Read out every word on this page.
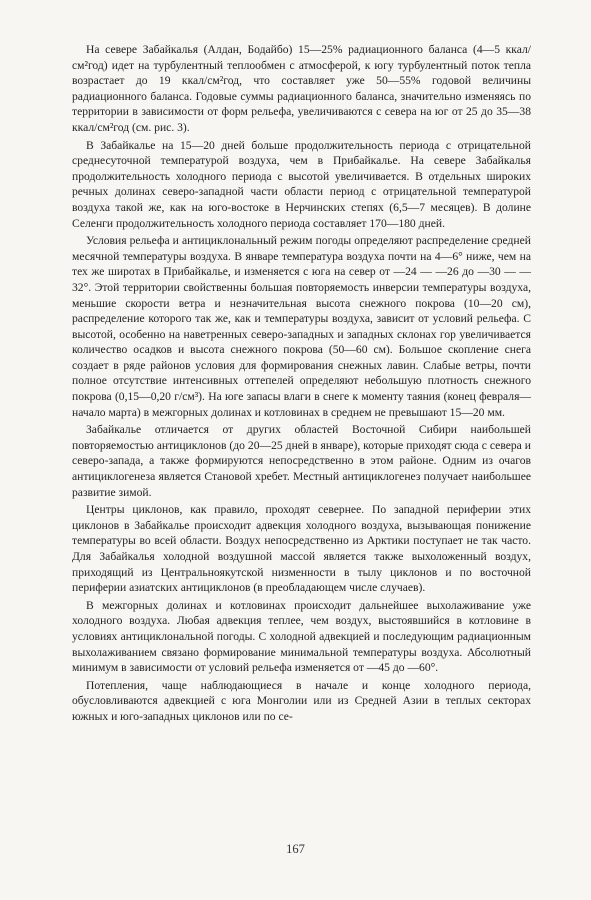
На севере Забайкалья (Алдан, Бодайбо) 15—25% радиационного баланса (4—5 ккал/см²год) идет на турбулентный теплообмен с атмосферой, к югу турбулентный поток тепла возрастает до 19 ккал/см²год, что составляет уже 50—55% годовой величины радиационного баланса. Годовые суммы радиационного баланса, значительно изменяясь по территории в зависимости от форм рельефа, увеличиваются с севера на юг от 25 до 35—38 ккал/см²год (см. рис. 3).

В Забайкалье на 15—20 дней больше продолжительность периода с отрицательной среднесуточной температурой воздуха, чем в Прибайкалье. На севере Забайкалья продолжительность холодного периода с высотой увеличивается. В отдельных широких речных долинах северо-западной части области период с отрицательной температурой воздуха такой же, как на юго-востоке в Нерчинских степях (6,5—7 месяцев). В долине Селенги продолжительность холодного периода составляет 170—180 дней.

Условия рельефа и антициклональный режим погоды определяют распределение средней месячной температуры воздуха. В январе температура воздуха почти на 4—6° ниже, чем на тех же широтах в Прибайкалье, и изменяется с юга на север от —24 — —26 до —30 — —32°. Этой территории свойственны большая повторяемость инверсии температуры воздуха, меньшие скорости ветра и незначительная высота снежного покрова (10—20 см), распределение которого так же, как и температуры воздуха, зависит от условий рельефа. С высотой, особенно на наветренных северо-западных и западных склонах гор увеличивается количество осадков и высота снежного покрова (50—60 см). Большое скопление снега создает в ряде районов условия для формирования снежных лавин. Слабые ветры, почти полное отсутствие интенсивных оттепелей определяют небольшую плотность снежного покрова (0,15—0,20 г/см³). На юге запасы влаги в снеге к моменту таяния (конец февраля—начало марта) в межгорных долинах и котловинах в среднем не превышают 15—20 мм.

Забайкалье отличается от других областей Восточной Сибири наибольшей повторяемостью антициклонов (до 20—25 дней в январе), которые приходят сюда с севера и северо-запада, а также формируются непосредственно в этом районе. Одним из очагов антициклогенеза является Становой хребет. Местный антициклогенез получает наибольшее развитие зимой.

Центры циклонов, как правило, проходят севернее. По западной периферии этих циклонов в Забайкалье происходит адвекция холодного воздуха, вызывающая понижение температуры во всей области. Воздух непосредственно из Арктики поступает не так часто. Для Забайкалья холодной воздушной массой является также выхоложенный воздух, приходящий из Центральноякутской низменности в тылу циклонов и по восточной периферии азиатских антициклонов (в преобладающем числе случаев).

В межгорных долинах и котловинах происходит дальнейшее выхолаживание уже холодного воздуха. Любая адвекция теплее, чем воздух, выстоявшийся в котловине в условиях антициклональной погоды. С холодной адвекцией и последующим радиационным выхолаживанием связано формирование минимальной температуры воздуха. Абсолютный минимум в зависимости от условий рельефа изменяется от —45 до —60°.

Потепления, чаще наблюдающиеся в начале и конце холодного периода, обусловливаются адвекцией с юга Монголии или из Средней Азии в теплых секторах южных и юго-западных циклонов или по се-

167
